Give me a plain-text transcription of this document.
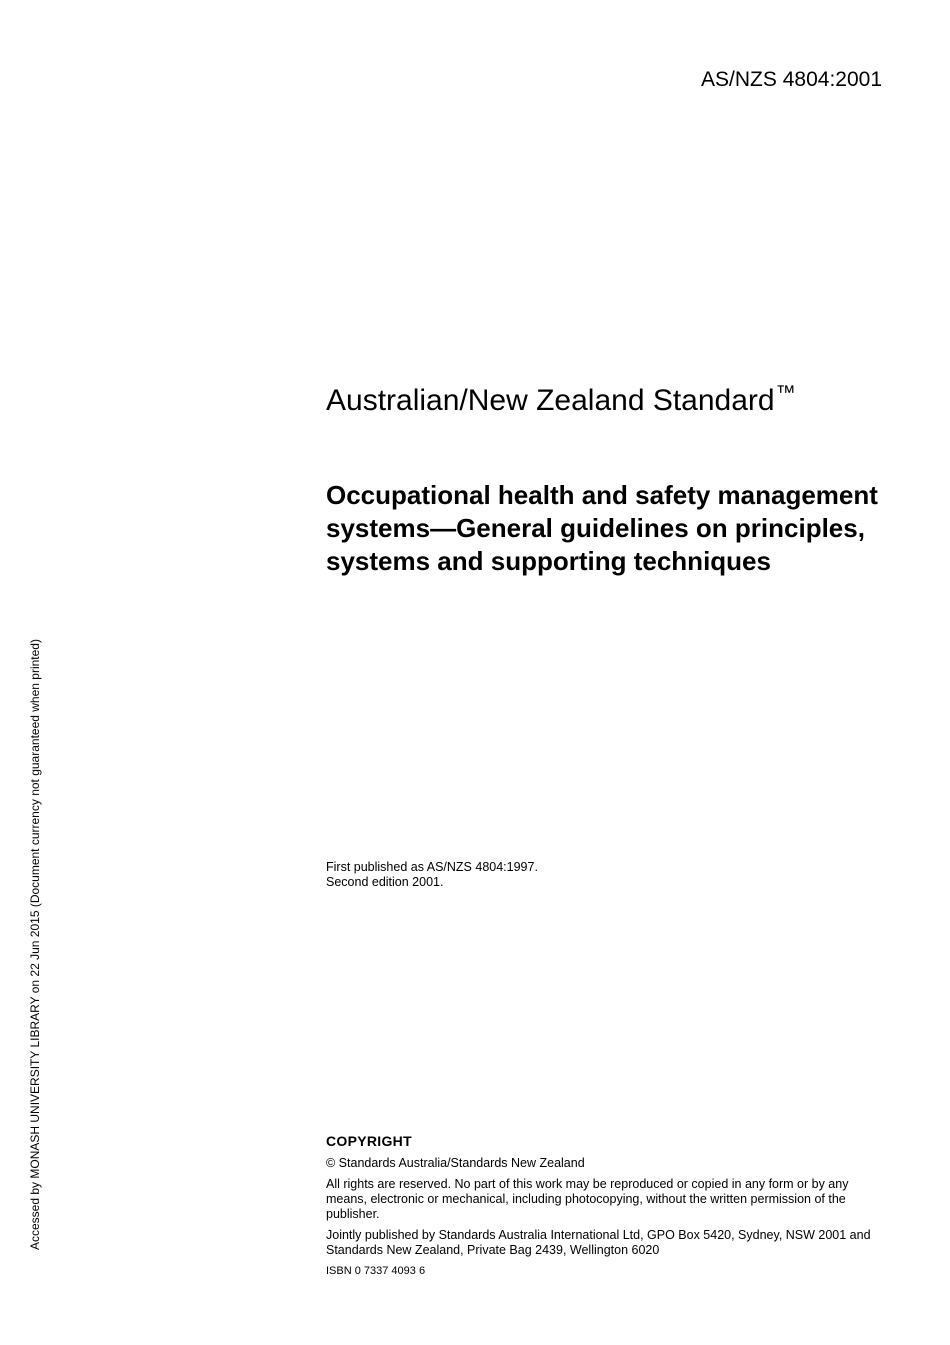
AS/NZS 4804:2001
Australian/New Zealand Standard™
Occupational health and safety management systems—General guidelines on principles, systems and supporting techniques
First published as AS/NZS 4804:1997.
Second edition 2001.
COPYRIGHT

© Standards Australia/Standards New Zealand

All rights are reserved. No part of this work may be reproduced or copied in any form or by any means, electronic or mechanical, including photocopying, without the written permission of the publisher.

Jointly published by Standards Australia International Ltd, GPO Box 5420, Sydney, NSW 2001 and Standards New Zealand, Private Bag 2439, Wellington 6020

ISBN 0 7337 4093 6
Accessed by MONASH UNIVERSITY LIBRARY on 22 Jun 2015 (Document currency not guaranteed when printed)
